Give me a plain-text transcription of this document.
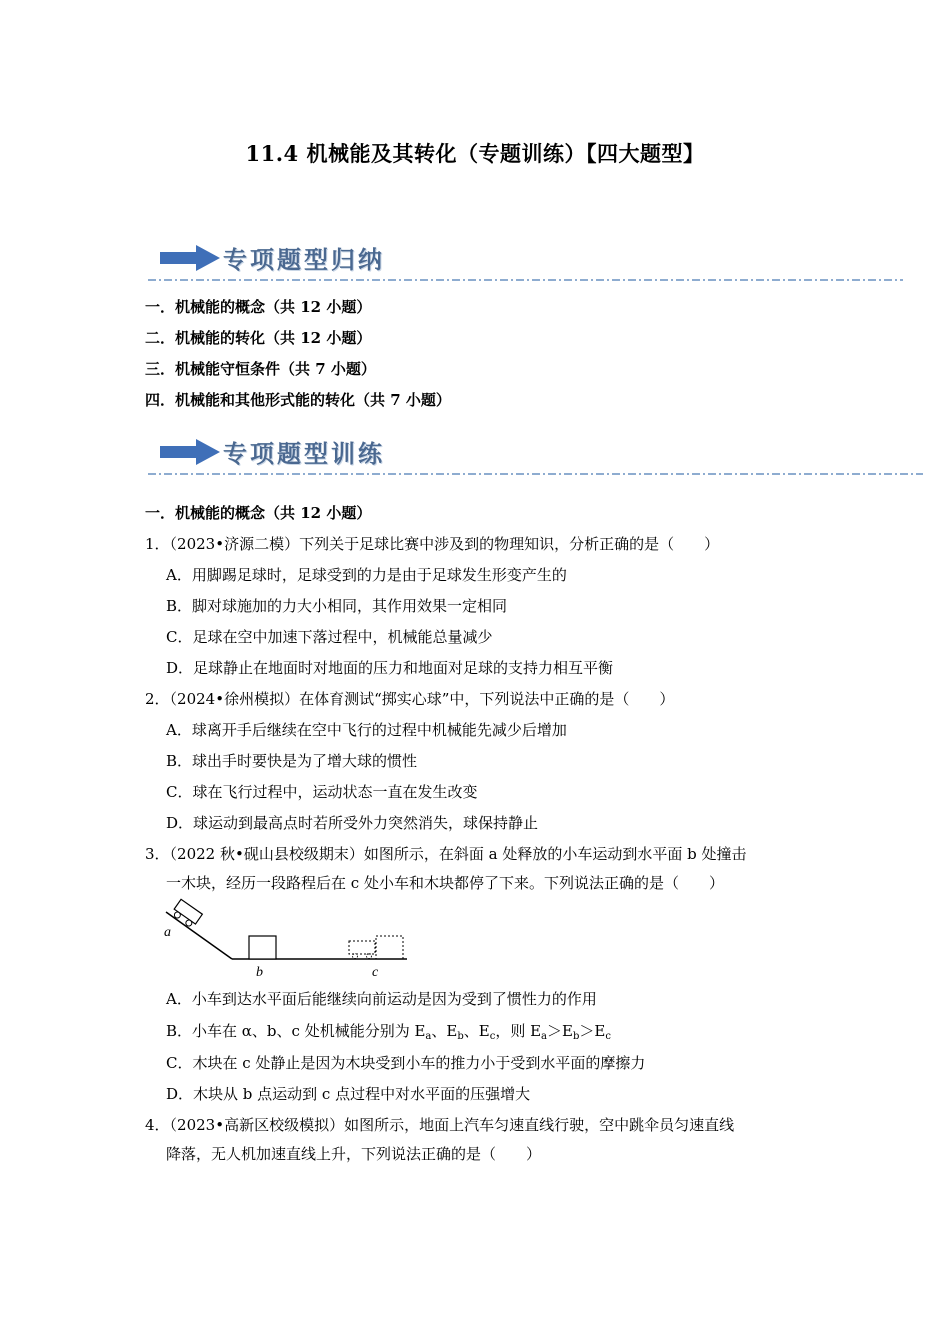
11.4 机械能及其转化（专题训练）【四大题型】
专项题型归纳
一．机械能的概念（共 12 小题）
二．机械能的转化（共 12 小题）
三．机械能守恒条件（共 7 小题）
四．机械能和其他形式能的转化（共 7 小题）
专项题型训练
一．机械能的概念（共 12 小题）
1．（2023•济源二模）下列关于足球比赛中涉及到的物理知识，分析正确的是（　　）
A．用脚踢足球时，足球受到的力是由于足球发生形变产生的
B．脚对球施加的力大小相同，其作用效果一定相同
C．足球在空中加速下落过程中，机械能总量减少
D．足球静止在地面时对地面的压力和地面对足球的支持力相互平衡
2．（2024•徐州模拟）在体育测试“掷实心球”中，下列说法中正确的是（　　）
A．球离开手后继续在空中飞行的过程中机械能先减少后增加
B．球出手时要快是为了增大球的惯性
C．球在飞行过程中，运动状态一直在发生改变
D．球运动到最高点时若所受外力突然消失，球保持静止
3．（2022 秋•砚山县校级期末）如图所示，在斜面 a 处释放的小车运动到水平面 b 处撞击
一木块，经历一段路程后在 c 处小车和木块都停了下来。下列说法正确的是（　　）
a
b	c
A．小车到达水平面后能继续向前运动是因为受到了惯性力的作用
B．小车在 α、b、c 处机械能分别为 $E_a$、$E_b$、$E_c$，则 $E_a>E_b>E_c$
C．木块在 c 处静止是因为木块受到小车的推力小于受到水平面的摩擦力
D．木块从 b 点运动到 c 点过程中对水平面的压强增大
4．（2023•高新区校级模拟）如图所示，地面上汽车匀速直线行驶，空中跳伞员匀速直线
降落，无人机加速直线上升，下列说法正确的是（　　）
